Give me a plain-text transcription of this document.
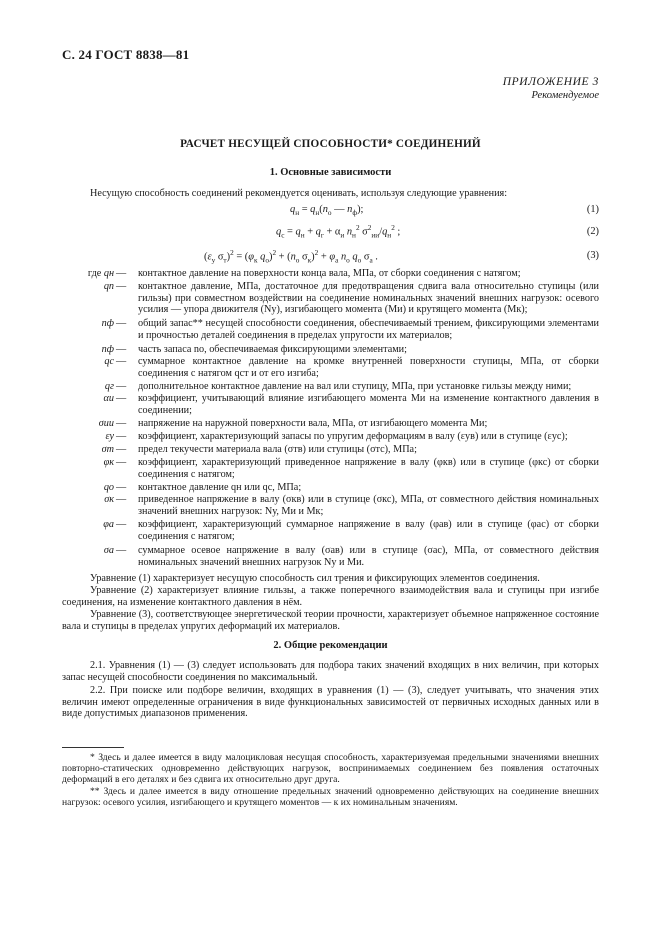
С. 24 ГОСТ 8838—81
ПРИЛОЖЕНИЕ 3
Рекомендуемое
РАСЧЕТ НЕСУЩЕЙ СПОСОБНОСТИ* СОЕДИНЕНИЙ
1. Основные зависимости
Несущую способность соединений рекомендуется оценивать, используя следующие уравнения:
$q_н = q_н(n_о$ — $n_ф$);	(1)
$q_с = q_н + q_г + \alpha_и$ $n_н^2$ $\sigma^2_{ии}/q_н^2$ ;	(2)
($\varepsilon_у$ $\sigma_т)^2 = (\varphi_к$ $q_о)^2 + (n_о$ $\sigma_к)^2 + \varphi_а$ $n_о$ $q_о$ $\sigma_а$ .	(3)
где qн — контактное давление на поверхности конца вала, МПа, от сборки соединения с натягом;
qп — контактное давление, МПа, достаточное для предотвращения сдвига вала относительно ступицы (или гильзы) при совместном воздействии на соединение номинальных значений внешних нагрузок: осевого усилия — упора движителя (Nу), изгибающего момента (Mи) и крутящего момента (Mк);
nф — общий запас** несущей способности соединения, обеспечиваемый трением, фиксирующими элементами и прочностью деталей соединения в пределах упругости их материалов;
nф — часть запаса nо, обеспечиваемая фиксирующими элементами;
qс — суммарное контактное давление на кромке внутренней поверхности ступицы, МПа, от сборки соединения с натягом qст и от его изгиба;
qг — дополнительное контактное давление на вал или ступицу, МПа, при установке гильзы между ними;
αи — коэффициент, учитывающий влияние изгибающего момента Mи на изменение контактного давления в соединении;
σии — напряжение на наружной поверхности вала, МПа, от изгибающего момента Mи;
εу — коэффициент, характеризующий запасы по упругим деформациям в валу (εув) или в ступице (εус);
σт — предел текучести материала вала (σтв) или ступицы (σтс), МПа;
φк — коэффициент, характеризующий приведенное напряжение в валу (φкв) или в ступице (φкс) от сборки соединения с натягом;
qо — контактное давление qн или qс, МПа;
σк — приведенное напряжение в валу (σкв) или в ступице (σкс), МПа, от совместного действия номинальных значений внешних нагрузок: Nу, Mи и Mк;
φа — коэффициент, характеризующий суммарное напряжение в валу (φав) или в ступице (φас) от сборки соединения с натягом;
σа — суммарное осевое напряжение в валу (σав) или в ступице (σас), МПа, от совместного действия номинальных значений внешних нагрузок Nу и Mи.
Уравнение (1) характеризует несущую способность сил трения и фиксирующих элементов соединения.
Уравнение (2) характеризует влияние гильзы, а также поперечного взаимодействия вала и ступицы при изгибе соединения, на изменение контактного давления в нём.
Уравнение (3), соответствующее энергетической теории прочности, характеризует объемное напряженное состояние вала и ступицы в пределах упругих деформаций их материалов.
2. Общие рекомендации
2.1. Уравнения (1) — (3) следует использовать для подбора таких значений входящих в них величин, при которых запас несущей способности соединения nо максимальный.
2.2. При поиске или подборе величин, входящих в уравнения (1) — (3), следует учитывать, что значения этих величин имеют определенные ограничения в виде функциональных зависимостей от первичных исходных данных или в виде допустимых диапазонов применения.
* Здесь и далее имеется в виду малоцикловая несущая способность, характеризуемая предельными значениями внешних повторно-статических одновременно действующих нагрузок, воспринимаемых соединением без появления остаточных деформаций в его деталях и без сдвига их относительно друг друга.
** Здесь и далее имеется в виду отношение предельных значений одновременно действующих на соединение внешних нагрузок: осевого усилия, изгибающего и крутящего моментов — к их номинальным значениям.
